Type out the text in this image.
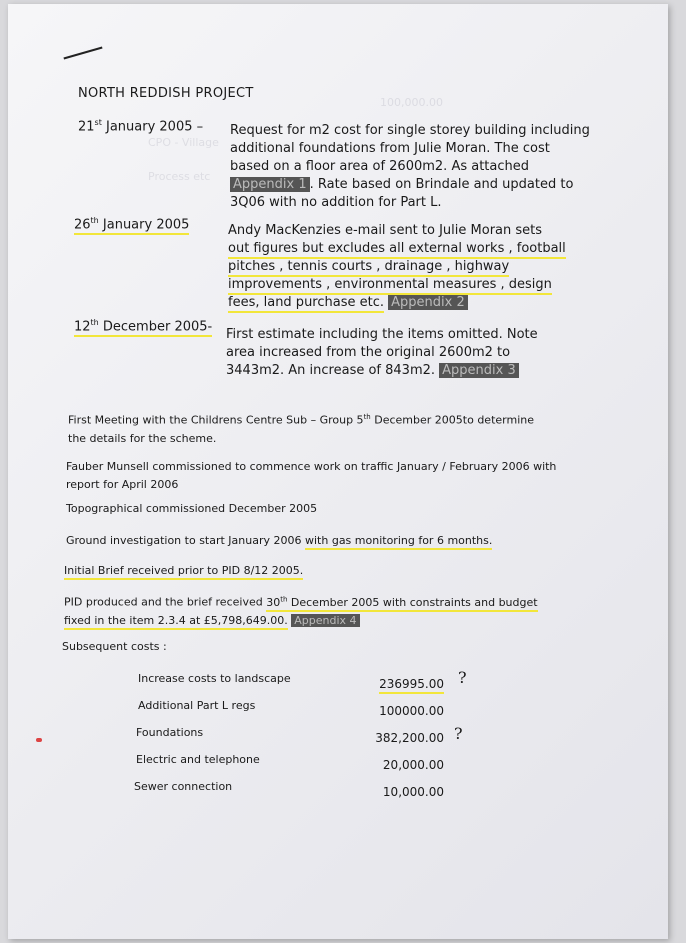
100,000.00
CPO - Village
Process etc
NORTH REDDISH PROJECT
21st January 2005 – Request for m2 cost for single storey building including
additional foundations from Julie Moran. The cost
based on a floor area of 2600m2. As attached
Appendix 1 . Rate based on Brindale and updated to
3Q06 with no addition for Part L.
26th January 2005	Andy MacKenzies e-mail sent to Julie Moran sets
out figures but excludes all external works , football
pitches , tennis courts , drainage , highway
improvements , environmental measures , design
fees, land purchase etc. Appendix 2
12th December 2005-
First estimate including the items omitted. Note
area increased from the original 2600m2 to
3443m2. An increase of 843m2. Appendix 3
First Meeting with the Childrens Centre Sub – Group 5th December 2005to determine
the details for the scheme.
Fauber Munsell commissioned to commence work on traffic January / February 2006 with
report for April 2006
Topographical commissioned December 2005
Ground investigation to start January 2006 with gas monitoring for 6 months.
Initial Brief received prior to PID 8/12 2005.
PID produced and the brief received 30th December 2005 with constraints and budget
fixed in the item 2.3.4 at £5,798,649.00. Appendix 4
Subsequent costs :
Increase costs to landscape	236995.00 ?
Additional Part L regs	100000.00
Foundations	382,200.00 ?
Electric and telephone	20,000.00
Sewer connection	10,000.00
